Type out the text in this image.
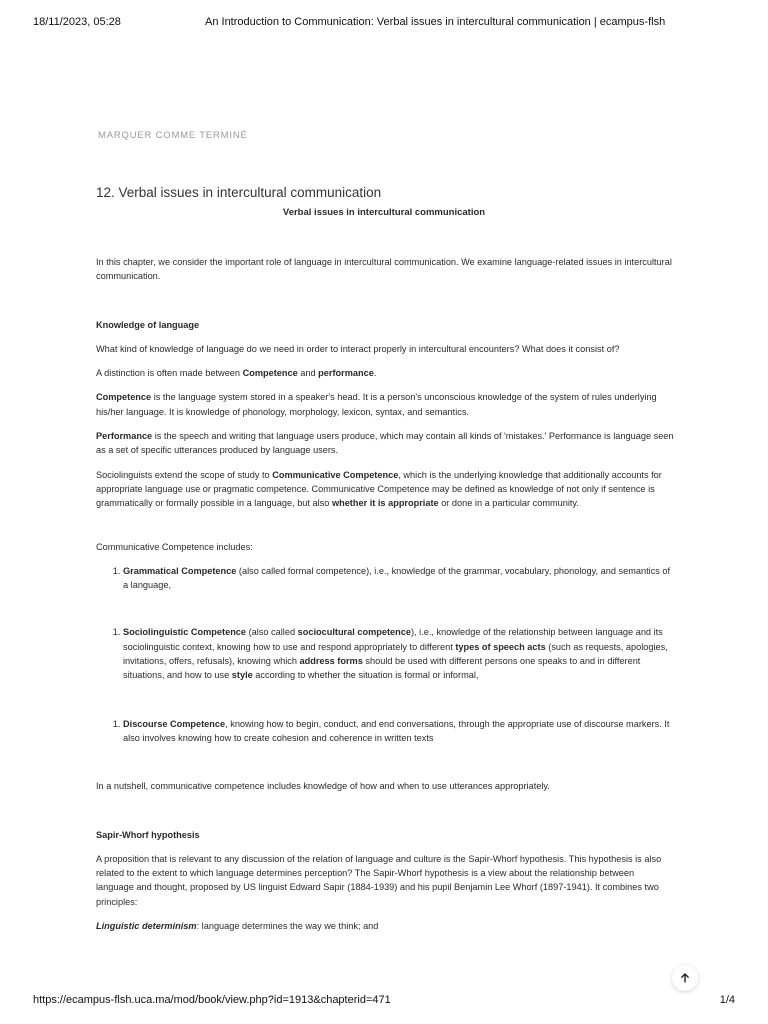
18/11/2023, 05:28	An Introduction to Communication: Verbal issues in intercultural communication | ecampus-flsh
MARQUER COMME TERMINÉ
12. Verbal issues in intercultural communication
Verbal issues in intercultural communication

In this chapter, we consider the important role of language in intercultural communication. We examine language-related issues in intercultural communication.

Knowledge of language

What kind of knowledge of language do we need in order to interact properly in intercultural encounters? What does it consist of?

A distinction is often made between Competence and performance.

Competence is the language system stored in a speaker's head. It is a person's unconscious knowledge of the system of rules underlying his/her language. It is knowledge of phonology, morphology, lexicon, syntax, and semantics.

Performance is the speech and writing that language users produce, which may contain all kinds of 'mistakes.' Performance is language seen as a set of specific utterances produced by language users.

Sociolinguists extend the scope of study to Communicative Competence, which is the underlying knowledge that additionally accounts for appropriate language use or pragmatic competence. Communicative Competence may be defined as knowledge of not only if sentence is grammatically or formally possible in a language, but also whether it is appropriate or done in a particular community.

Communicative Competence includes:

1. Grammatical Competence (also called formal competence), i.e., knowledge of the grammar, vocabulary, phonology, and semantics of a language,
1. Sociolinguistic Competence (also called sociocultural competence), i.e., knowledge of the relationship between language and its sociolinguistic context, knowing how to use and respond appropriately to different types of speech acts (such as requests, apologies, invitations, offers, refusals), knowing which address forms should be used with different persons one speaks to and in different situations, and how to use style according to whether the situation is formal or informal,
1. Discourse Competence, knowing how to begin, conduct, and end conversations, through the appropriate use of discourse markers. It also involves knowing how to create cohesion and coherence in written texts

In a nutshell, communicative competence includes knowledge of how and when to use utterances appropriately.

Sapir-Whorf hypothesis

A proposition that is relevant to any discussion of the relation of language and culture is the Sapir-Whorf hypothesis. This hypothesis is also related to the extent to which language determines perception? The Sapir-Whorf hypothesis is a view about the relationship between language and thought, proposed by US linguist Edward Sapir (1884-1939) and his pupil Benjamin Lee Whorf (1897-1941). It combines two principles:

Linguistic determinism: language determines the way we think; and

https://ecampus-flsh.uca.ma/mod/book/view.php?id=1913&chapterid=471	1/4
